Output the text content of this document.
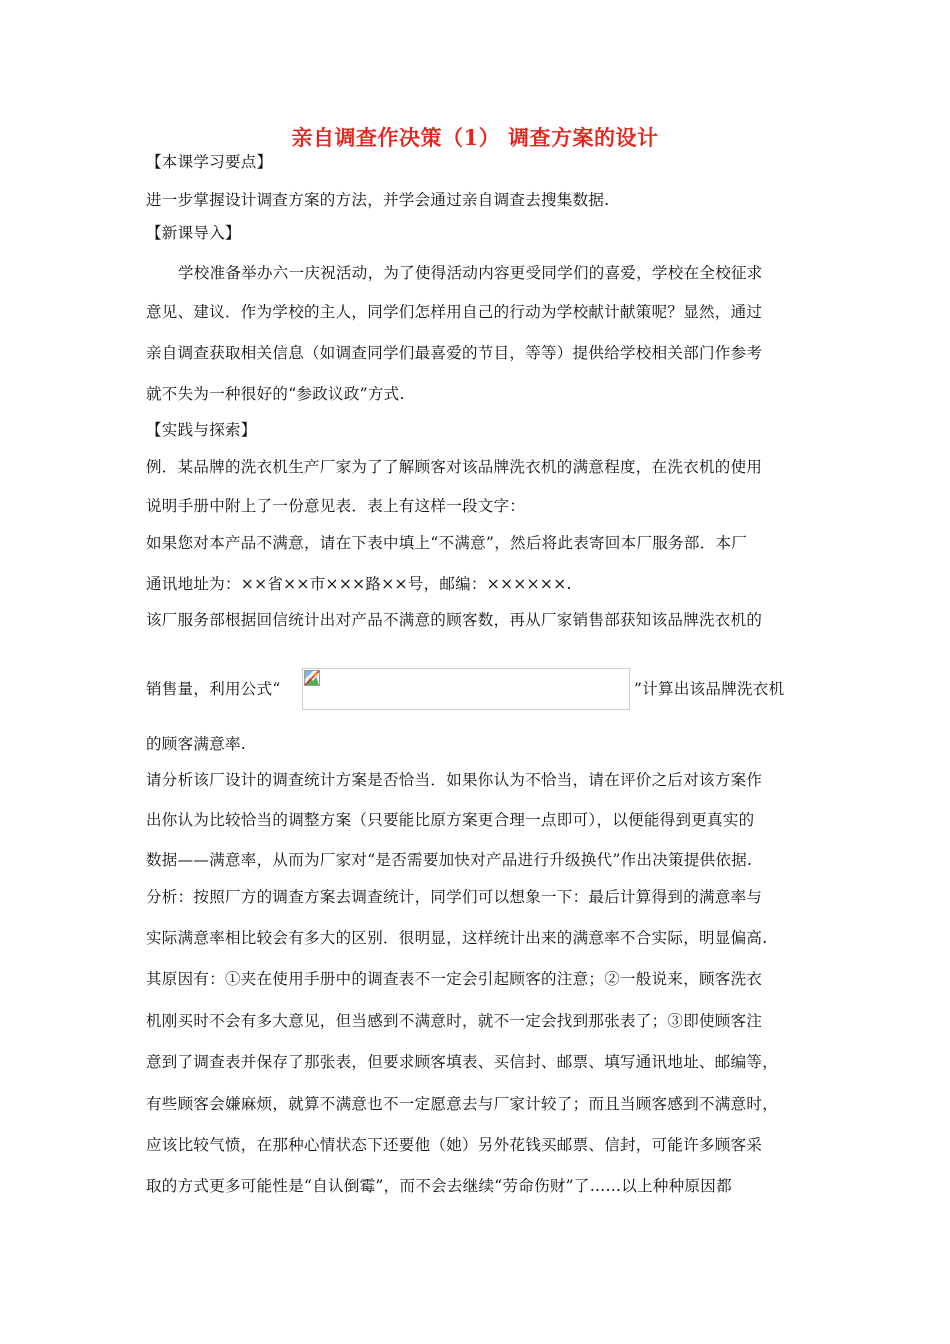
亲自调查作决策（1） 调查方案的设计
【本课学习要点】
进一步掌握设计调查方案的方法，并学会通过亲自调查去搜集数据.
【新课导入】
学校准备举办六一庆祝活动，为了使得活动内容更受同学们的喜爱，学校在全校征求
意见、建议．作为学校的主人，同学们怎样用自己的行动为学校献计献策呢？显然，通过
亲自调查获取相关信息（如调查同学们最喜爱的节目，等等）提供给学校相关部门作参考
就不失为一种很好的“参政议政”方式.
【实践与探索】
例．某品牌的洗衣机生产厂家为了了解顾客对该品牌洗衣机的满意程度，在洗衣机的使用
说明手册中附上了一份意见表．表上有这样一段文字：
如果您对本产品不满意，请在下表中填上“不满意”，然后将此表寄回本厂服务部．本厂
通讯地址为：××省××市×××路××号，邮编：××××××.
该厂服务部根据回信统计出对产品不满意的顾客数，再从厂家销售部获知该品牌洗衣机的
销售量，利用公式“	”计算出该品牌洗衣机
的顾客满意率.
请分析该厂设计的调查统计方案是否恰当．如果你认为不恰当，请在评价之后对该方案作
出你认为比较恰当的调整方案（只要能比原方案更合理一点即可），以便能得到更真实的
数据——满意率，从而为厂家对“是否需要加快对产品进行升级换代”作出决策提供依据.
分析：按照厂方的调查方案去调查统计，同学们可以想象一下：最后计算得到的满意率与
实际满意率相比较会有多大的区别．很明显，这样统计出来的满意率不合实际，明显偏高.
其原因有：①夹在使用手册中的调查表不一定会引起顾客的注意；②一般说来，顾客洗衣
机刚买时不会有多大意见，但当感到不满意时，就不一定会找到那张表了；③即使顾客注
意到了调查表并保存了那张表，但要求顾客填表、买信封、邮票、填写通讯地址、邮编等，
有些顾客会嫌麻烦，就算不满意也不一定愿意去与厂家计较了；而且当顾客感到不满意时，
应该比较气愤，在那种心情状态下还要他（她）另外花钱买邮票、信封，可能许多顾客采
取的方式更多可能性是“自认倒霉”，而不会去继续“劳命伤财”了……以上种种原因都
